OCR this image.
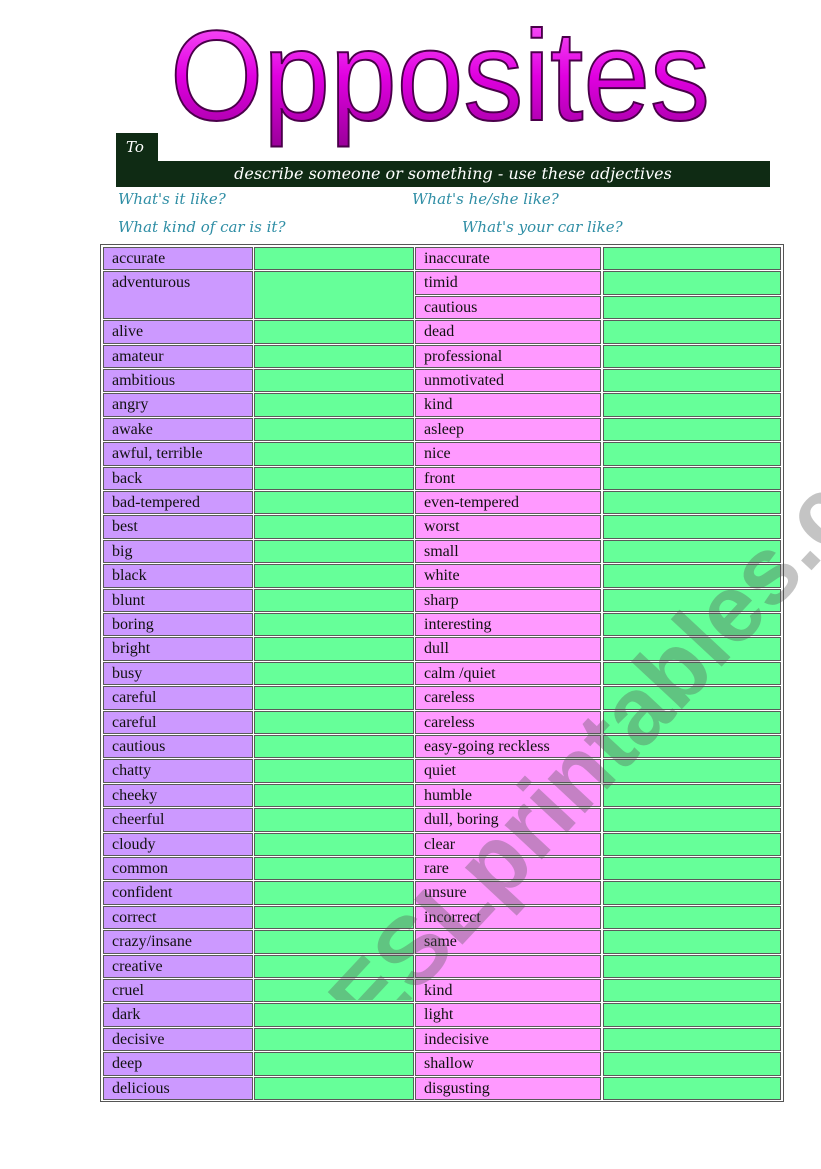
Opposites
To
describe someone or something - use these adjectives
What's it like?	What's he/she like?
What kind of car is it?	What's your car like?
accurate	inaccurate
adventurous	timid
cautious
alive	dead
amateur	professional
ambitious	unmotivated
angry	kind
awake	asleep
awful, terrible	nice
back	front
bad-tempered	even-tempered
best	worst
big	small
black	white
blunt	sharp
boring	interesting
bright	dull
busy	calm /quiet
careful	careless
careful	careless
cautious	easy-going reckless
chatty	quiet
cheeky	humble
cheerful	dull, boring
cloudy	clear
common	rare
confident	unsure
correct	incorrect
crazy/insane	same
creative
cruel	kind
dark	light
decisive	indecisive
deep	shallow
delicious	disgusting
